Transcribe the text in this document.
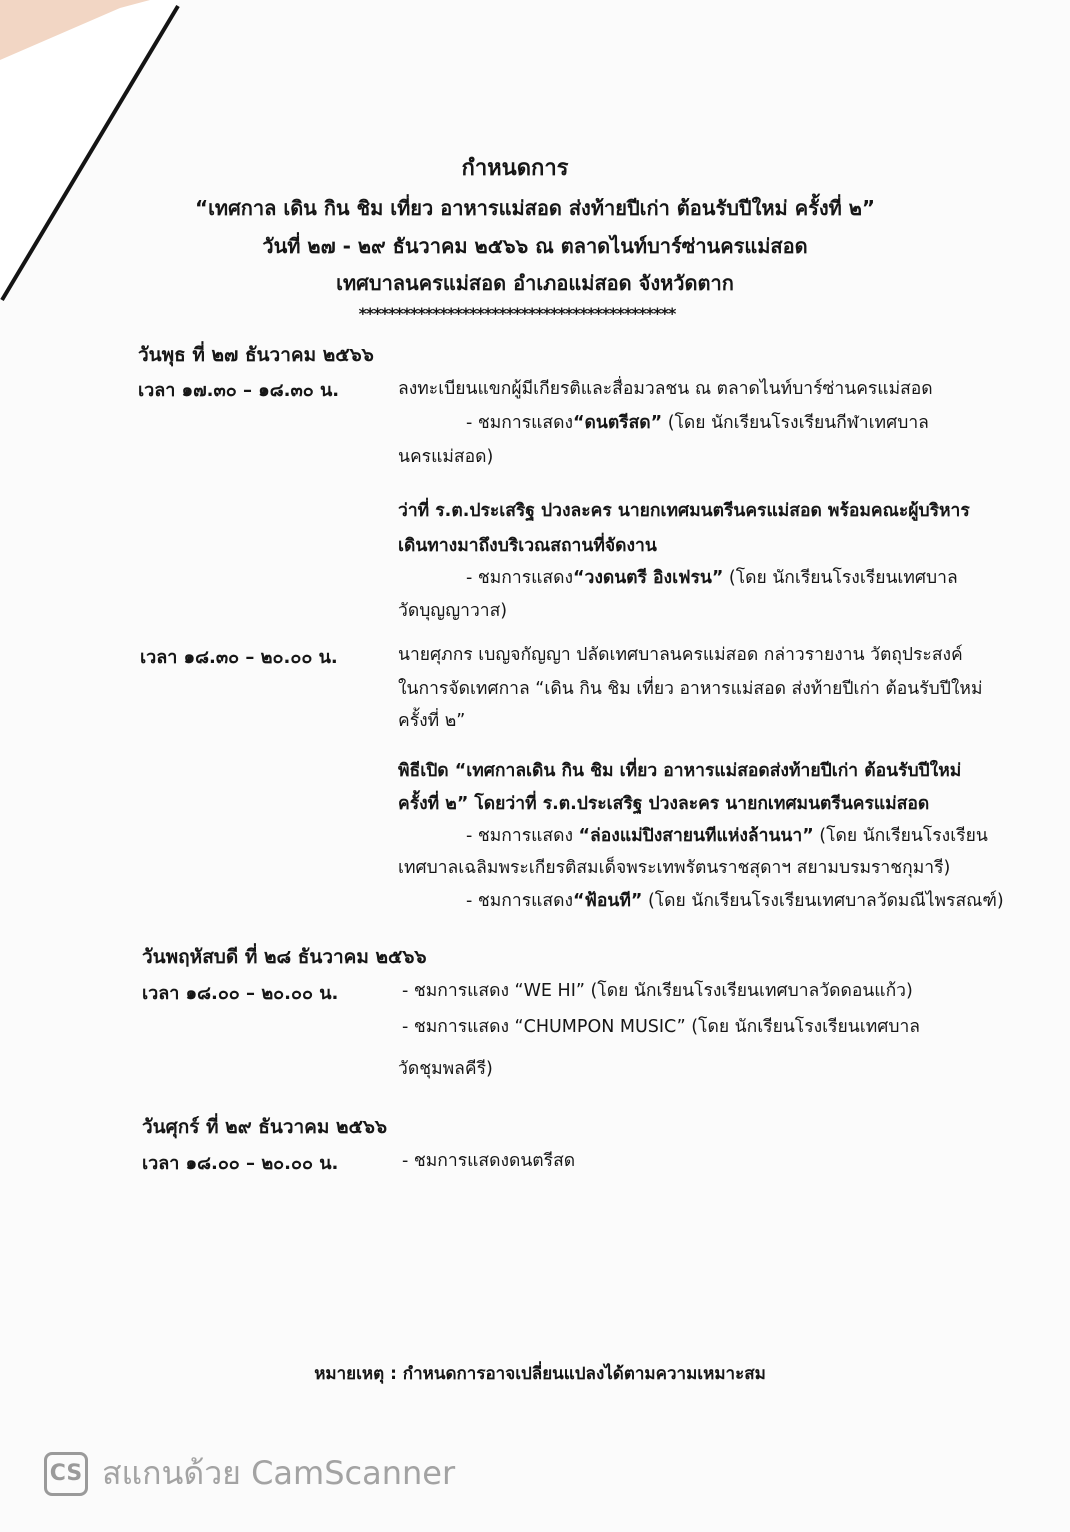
กำหนดการ
“เทศกาล เดิน กิน ชิม เที่ยว อาหารแม่สอด ส่งท้ายปีเก่า ต้อนรับปีใหม่ ครั้งที่ ๒”
วันที่ ๒๗ - ๒๙ ธันวาคม ๒๕๖๖ ณ ตลาดไนท์บาร์ซ่านครแม่สอด
เทศบาลนครแม่สอด อำเภอแม่สอด จังหวัดตาก
*******************************************
วันพุธ ที่ ๒๗ ธันวาคม ๒๕๖๖
เวลา ๑๗.๓๐ – ๑๘.๓๐ น.	ลงทะเบียนแขกผู้มีเกียรติและสื่อมวลชน ณ ตลาดไนท์บาร์ซ่านครแม่สอด
- ชมการแสดง“ดนตรีสด” (โดย นักเรียนโรงเรียนกีฬาเทศบาล
นครแม่สอด)
ว่าที่ ร.ต.ประเสริฐ ปวงละคร นายกเทศมนตรีนครแม่สอด พร้อมคณะผู้บริหาร
เดินทางมาถึงบริเวณสถานที่จัดงาน
- ชมการแสดง“วงดนตรี อิงเฟรน” (โดย นักเรียนโรงเรียนเทศบาล
วัดบุญญาวาส)
เวลา ๑๘.๓๐ – ๒๐.๐๐ น.	นายศุภกร เบญจกัญญา ปลัดเทศบาลนครแม่สอด กล่าวรายงาน วัตถุประสงค์
ในการจัดเทศกาล “เดิน กิน ชิม เที่ยว อาหารแม่สอด ส่งท้ายปีเก่า ต้อนรับปีใหม่
ครั้งที่ ๒”
พิธีเปิด “เทศกาลเดิน กิน ชิม เที่ยว อาหารแม่สอดส่งท้ายปีเก่า ต้อนรับปีใหม่
ครั้งที่ ๒” โดยว่าที่ ร.ต.ประเสริฐ ปวงละคร นายกเทศมนตรีนครแม่สอด
- ชมการแสดง “ล่องแม่ปิงสายนทีแห่งล้านนา” (โดย นักเรียนโรงเรียน
เทศบาลเฉลิมพระเกียรติสมเด็จพระเทพรัตนราชสุดาฯ สยามบรมราชกุมารี)
- ชมการแสดง“ฟ้อนที” (โดย นักเรียนโรงเรียนเทศบาลวัดมณีไพรสณฑ์)
วันพฤหัสบดี ที่ ๒๘ ธันวาคม ๒๕๖๖
เวลา ๑๘.๐๐ – ๒๐.๐๐ น.	- ชมการแสดง “WE HI” (โดย นักเรียนโรงเรียนเทศบาลวัดดอนแก้ว)
- ชมการแสดง “CHUMPON MUSIC” (โดย นักเรียนโรงเรียนเทศบาล
วัดชุมพลคีรี)
วันศุกร์ ที่ ๒๙ ธันวาคม ๒๕๖๖
เวลา ๑๘.๐๐ – ๒๐.๐๐ น.	- ชมการแสดงดนตรีสด
หมายเหตุ : กำหนดการอาจเปลี่ยนแปลงได้ตามความเหมาะสม
CS สแกนด้วย CamScanner
